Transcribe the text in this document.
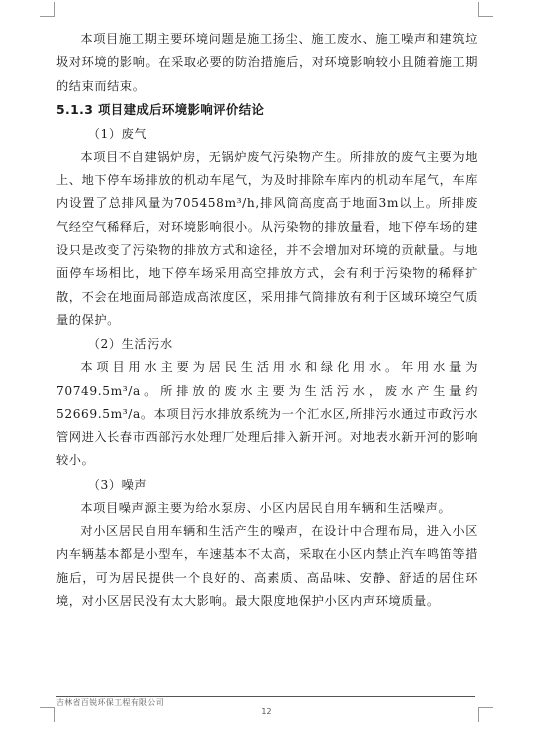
本项目施工期主要环境问题是施工扬尘、施工废水、施工噪声和建筑垃圾对环境的影响。在采取必要的防治措施后，对环境影响较小且随着施工期的结束而结束。

5.1.3 项目建成后环境影响评价结论

（1）废气

本项目不自建锅炉房，无锅炉废气污染物产生。所排放的废气主要为地上、地下停车场排放的机动车尾气，为及时排除车库内的机动车尾气，车库内设置了总排风量为705458m³/h,排风筒高度高于地面3m以上。所排废气经空气稀释后，对环境影响很小。从污染物的排放量看，地下停车场的建设只是改变了污染物的排放方式和途径，并不会增加对环境的贡献量。与地面停车场相比，地下停车场采用高空排放方式，会有利于污染物的稀释扩散，不会在地面局部造成高浓度区，采用排气筒排放有利于区域环境空气质量的保护。

（2）生活污水

本项目用水主要为居民生活用水和绿化用水。年用水量为70749.5m³/a。所排放的废水主要为生活污水，废水产生量约52669.5m³/a。本项目污水排放系统为一个汇水区,所排污水通过市政污水管网进入长春市西部污水处理厂处理后排入新开河。对地表水新开河的影响较小。

（3）噪声

本项目噪声源主要为给水泵房、小区内居民自用车辆和生活噪声。

对小区居民自用车辆和生活产生的噪声，在设计中合理布局，进入小区内车辆基本都是小型车，车速基本不太高，采取在小区内禁止汽车鸣笛等措施后，可为居民提供一个良好的、高素质、高品味、安静、舒适的居住环境，对小区居民没有太大影响。最大限度地保护小区内声环境质量。

吉林省百锐环保工程有限公司
12
